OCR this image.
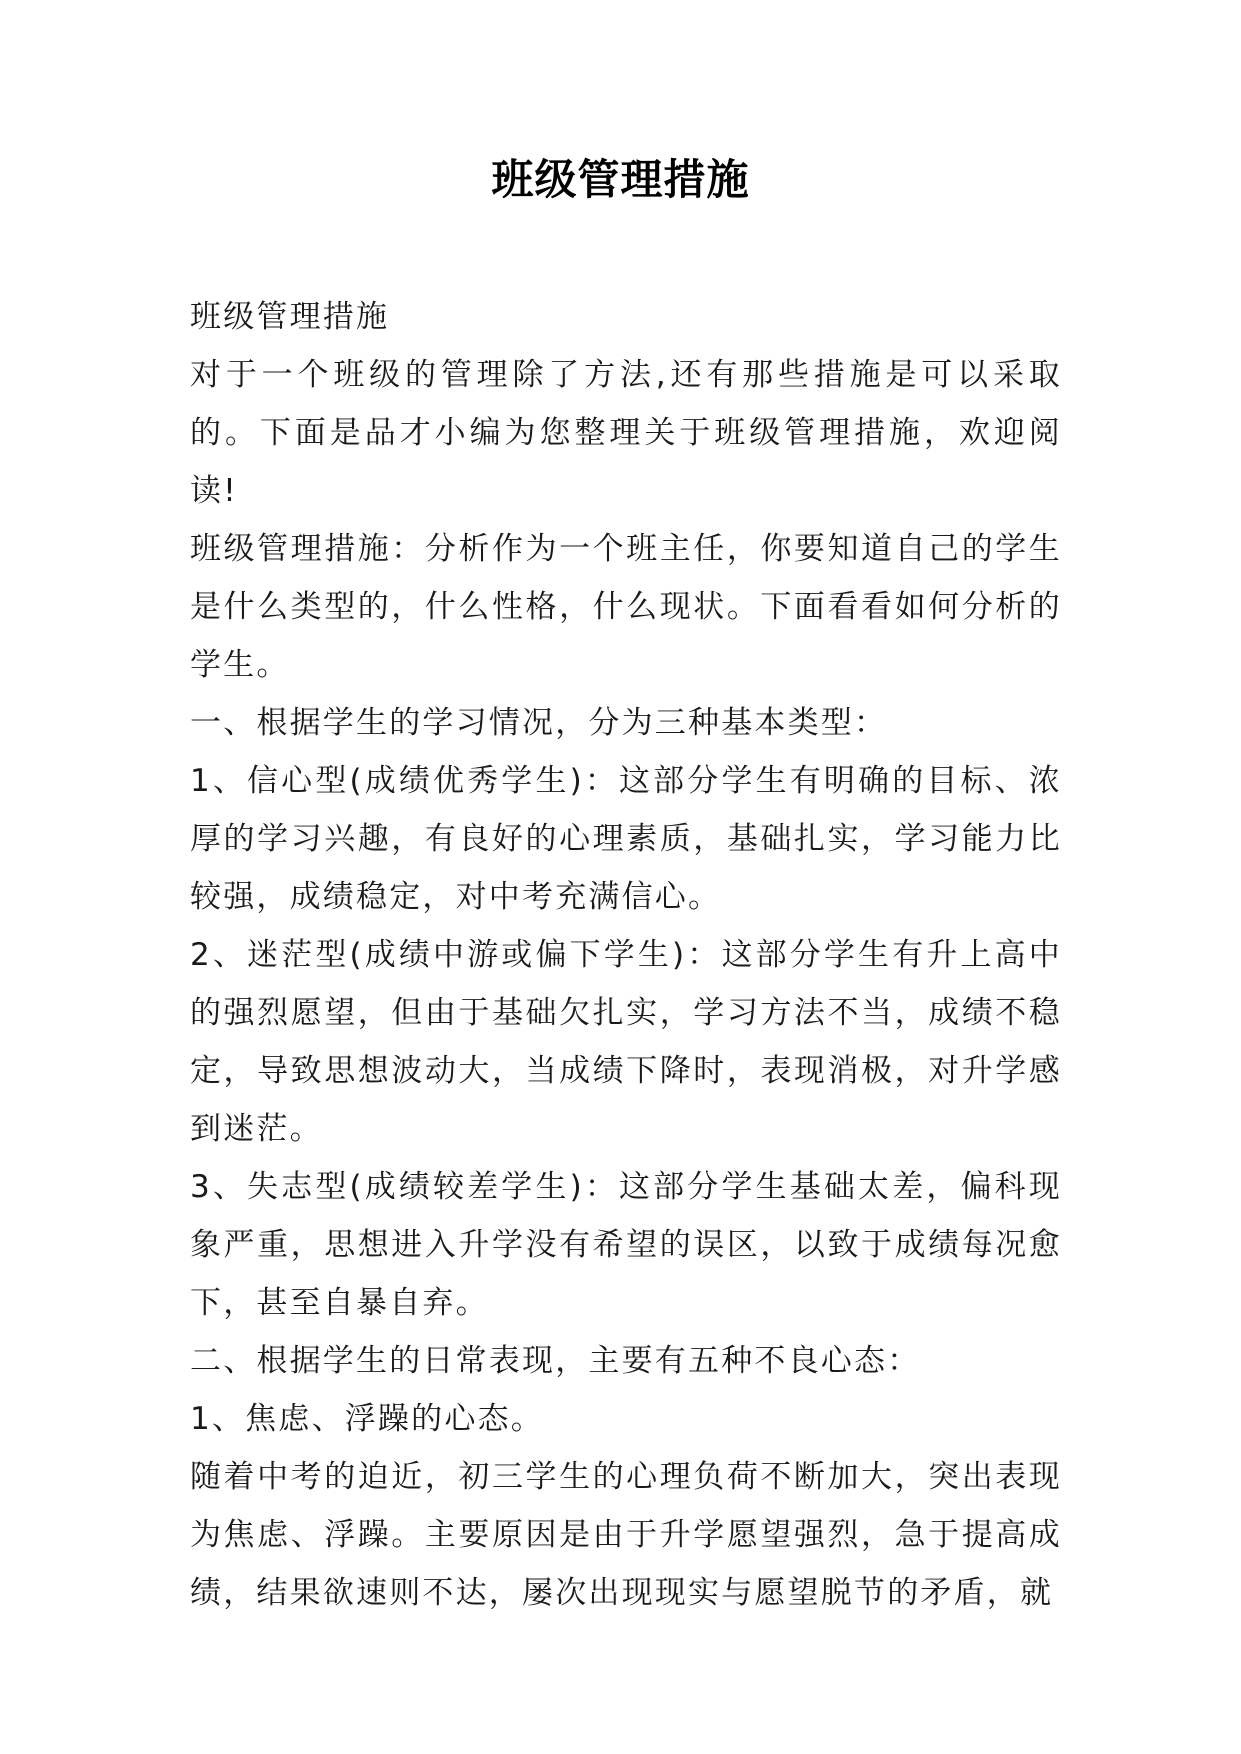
班级管理措施

班级管理措施

对于一个班级的管理除了方法,还有那些措施是可以采取的。下面是品才小编为您整理关于班级管理措施，欢迎阅读!

班级管理措施：分析作为一个班主任，你要知道自己的学生是什么类型的，什么性格，什么现状。下面看看如何分析的学生。

一、根据学生的学习情况，分为三种基本类型：

1、信心型(成绩优秀学生)：这部分学生有明确的目标、浓厚的学习兴趣，有良好的心理素质，基础扎实，学习能力比较强，成绩稳定，对中考充满信心。

2、迷茫型(成绩中游或偏下学生)：这部分学生有升上高中的强烈愿望，但由于基础欠扎实，学习方法不当，成绩不稳定，导致思想波动大，当成绩下降时，表现消极，对升学感到迷茫。

3、失志型(成绩较差学生)：这部分学生基础太差，偏科现象严重，思想进入升学没有希望的误区，以致于成绩每况愈下，甚至自暴自弃。

二、根据学生的日常表现，主要有五种不良心态：

1、焦虑、浮躁的心态。

随着中考的迫近，初三学生的心理负荷不断加大，突出表现为焦虑、浮躁。主要原因是由于升学愿望强烈，急于提高成绩，结果欲速则不达，屡次出现现实与愿望脱节的矛盾，就
